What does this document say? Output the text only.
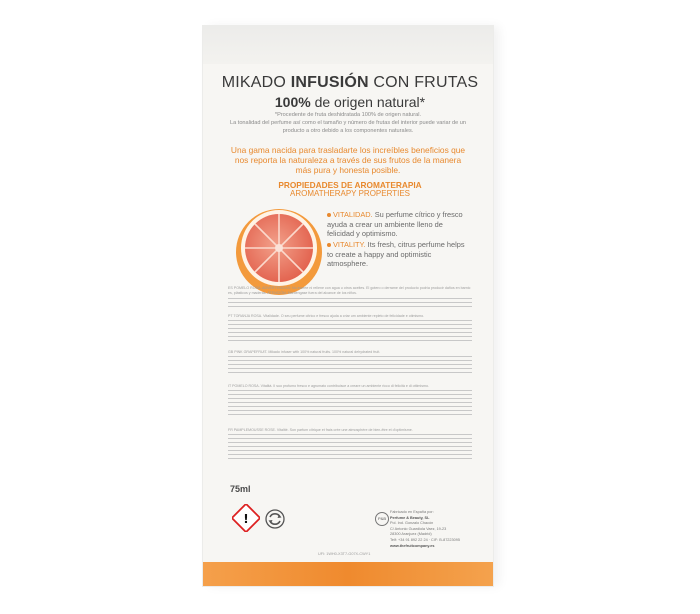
MIKADO INFUSIÓN CON FRUTAS
100% de origen natural*
*Procedente de fruta deshidratada 100% de origen natural.
La tonalidad del perfume así como el tamaño y número de frutas del interior puede variar de un producto a otro debido a los componentes naturales.
Una gama nacida para trasladarte los increíbles beneficios que nos reporta la naturaleza a través de sus frutos de la manera más pura y honesta posible.
PROPIEDADES DE AROMATERAPIA
AROMATHERAPY PROPERTIES
VITALIDAD. Su perfume cítrico y fresco ayuda a crear un ambiente lleno de felicidad y optimismo.
VITALITY. Its fresh, citrus perfume helps to create a happy and optimistic atmosphere.
ES POMELO ROSA. ADVERTENCIAS: No inserte ni rellene con agua u otros aceites. El gotero o derrame del producto podría producir daños en barnices, plásticos y maderas. ATENCIÓN: Manténgase fuera del alcance de los niños.
PT TORANJA ROSA. Vitalidade. O seu perfume cítrico e fresco ajuda a criar um ambiente repleto de felicidade e otimismo.
GB PINK GRAPEFRUIT. Mikado infuser with 100% natural fruits. 100% natural dehydrated fruit.
IT POMELO ROSA. Vitalità. Il suo profumo fresco e agrumato contribuisce a creare un ambiente ricco di felicità e di ottimismo.
FR PAMPLEMOUSSE ROSE. Vitalité. Son parfum citrique et frais crée une atmosphère de bien-être et d'optimisme.
75ml
!
UFI: 1WH0-X3T7-G07X-CWY1
P&B
Fabricado en España por:
Perfume & Beauty, SL
Pol. Ind. Gonzalo Chacón
C/ Antonio Guardiola Vaez, 19-23
28300 Aranjuez (Madrid)
Telf: +34 91 892 22 24 · CIF: B-87223095
www.thefruitcompany.es
